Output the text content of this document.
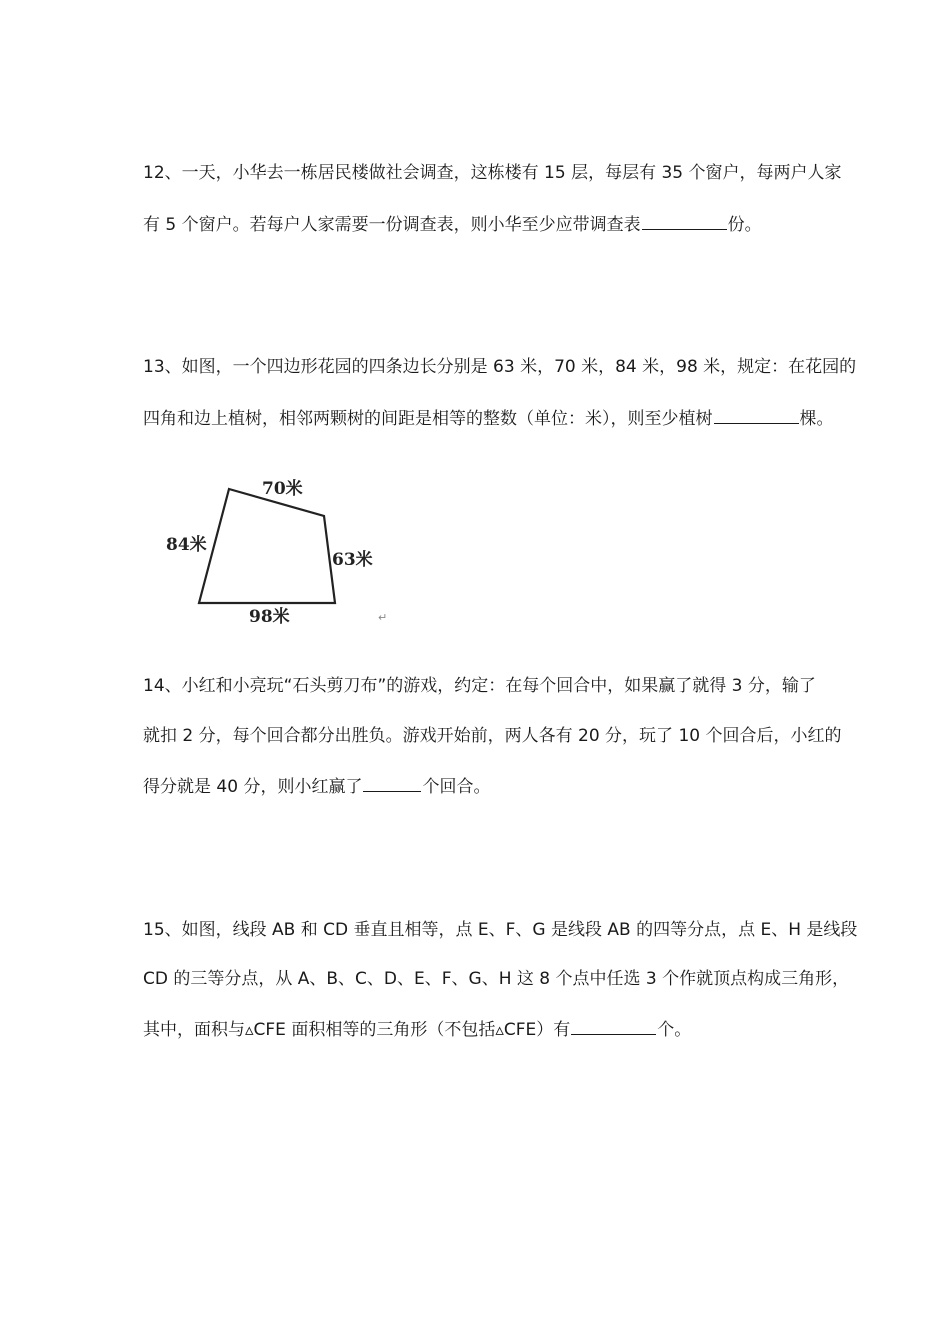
12、一天，小华去一栋居民楼做社会调查，这栋楼有 15 层，每层有 35 个窗户，每两户人家
有 5 个窗户。若每户人家需要一份调查表，则小华至少应带调查表	份。
13、如图，一个四边形花园的四条边长分别是 63 米，70 米，84 米，98 米，规定：在花园的
四角和边上植树，相邻两颗树的间距是相等的整数（单位：米），则至少植树	棵。
70米
84米
63米
98米	↵
14、小红和小亮玩“石头剪刀布”的游戏，约定：在每个回合中，如果赢了就得 3 分，输了
就扣 2 分，每个回合都分出胜负。游戏开始前，两人各有 20 分，玩了 10 个回合后，小红的
得分就是 40 分，则小红赢了	个回合。
15、如图，线段 AB 和 CD 垂直且相等，点 E、F、G 是线段 AB 的四等分点，点 E、H 是线段
CD 的三等分点，从 A、B、C、D、E、F、G、H 这 8 个点中任选 3 个作就顶点构成三角形，
其中，面积与▵CFE 面积相等的三角形（不包括▵CFE）有	个。
